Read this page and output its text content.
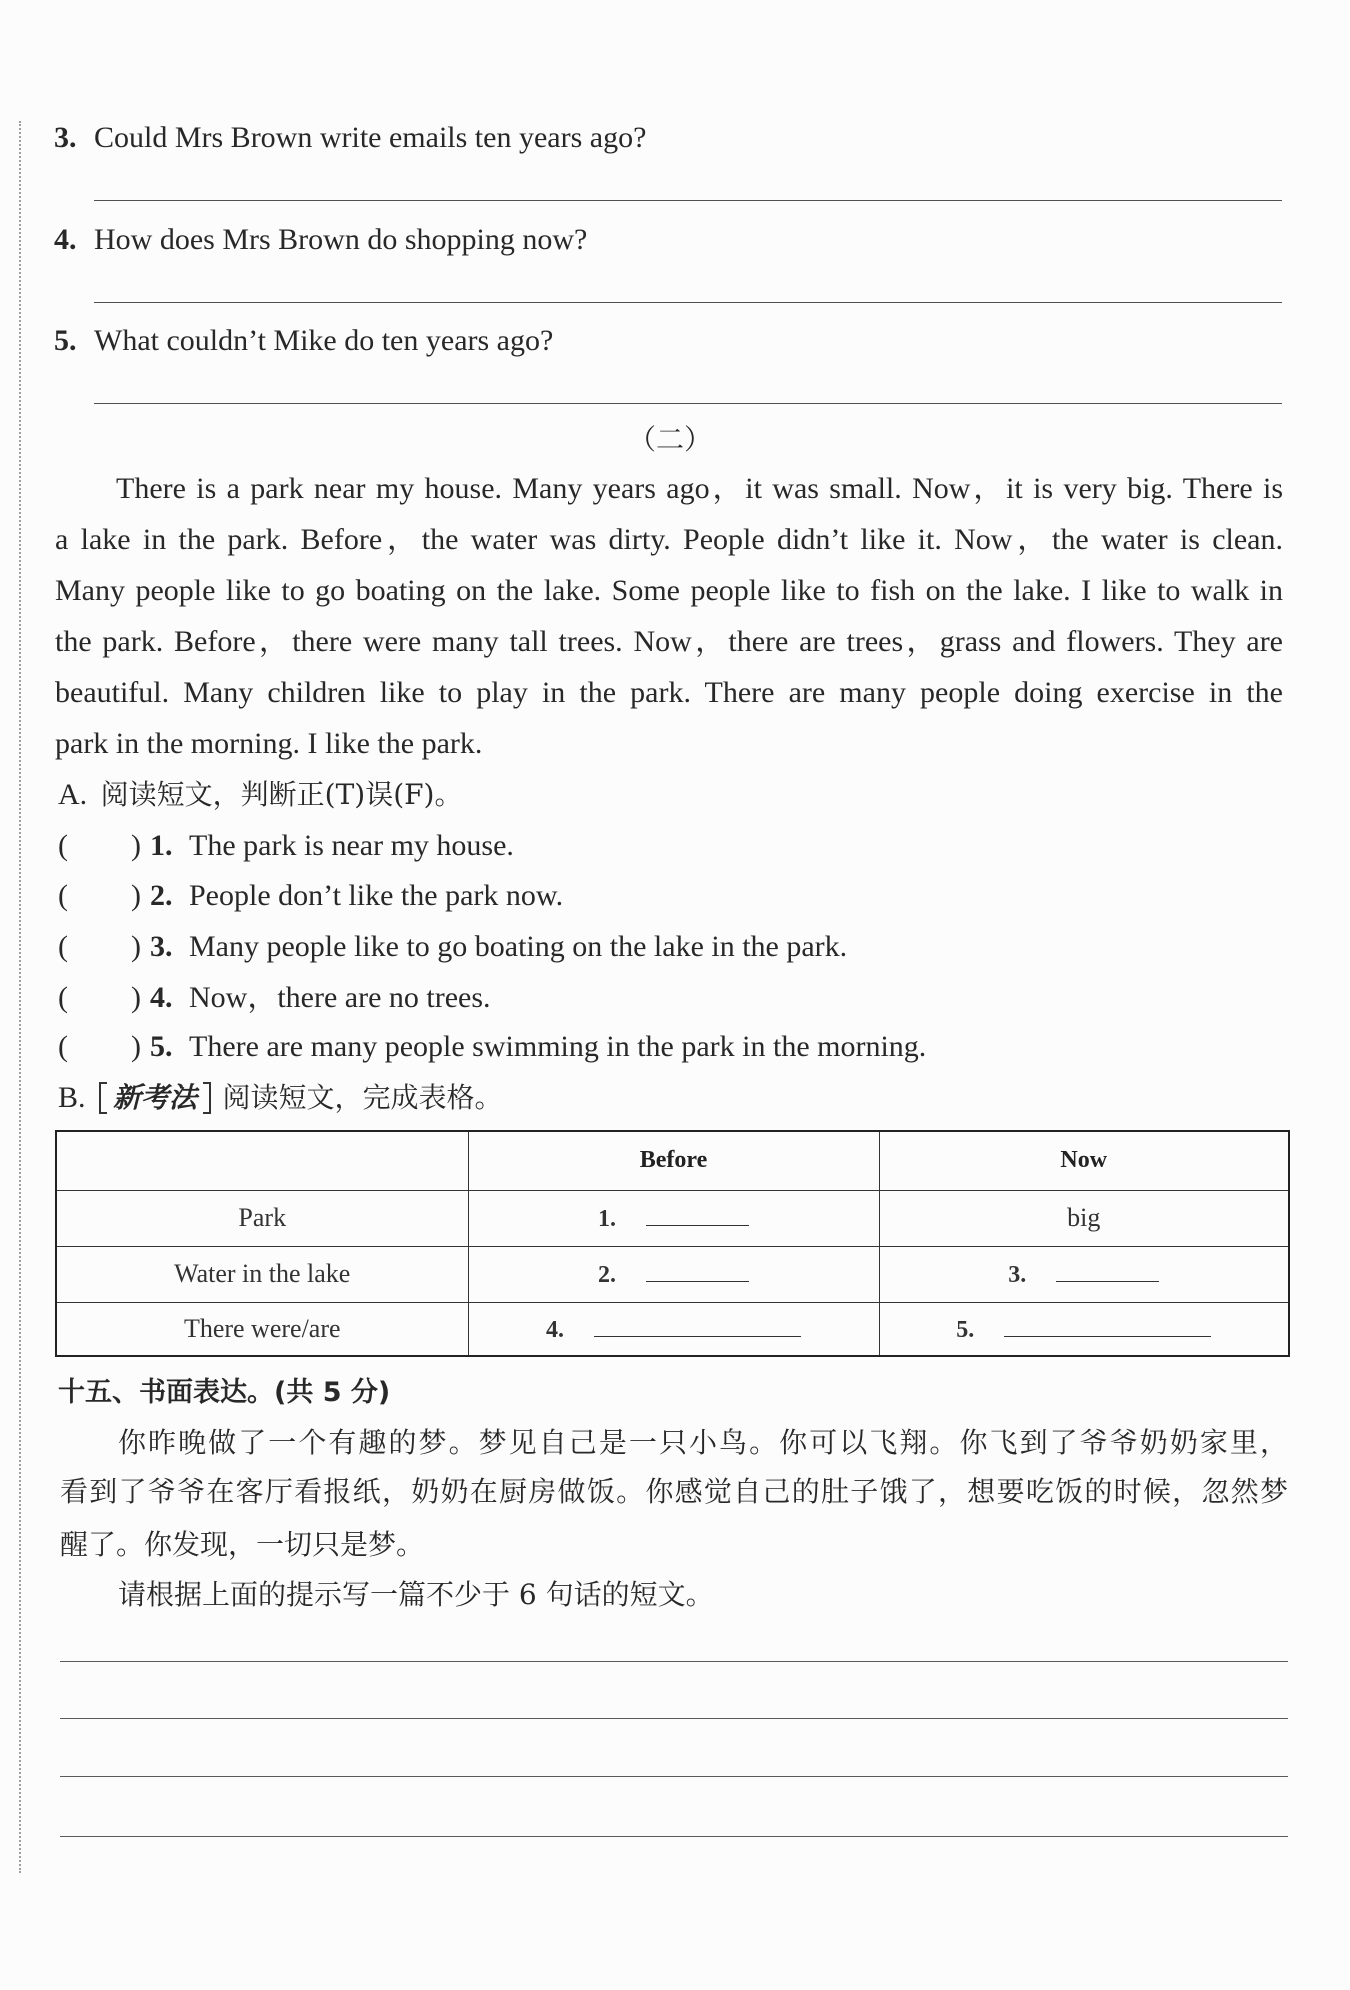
3. Could Mrs Brown write emails ten years ago?
4. How does Mrs Brown do shopping now?
5. What couldn’t Mike do ten years ago?
（二）
There is a park near my house. Many years ago，it was small. Now，it is very big. There is
a lake in the park. Before，the water was dirty. People didn’t like it. Now，the water is clean.
Many people like to go boating on the lake. Some people like to fish on the lake. I like to walk in
the park. Before，there were many tall trees. Now，there are trees，grass and flowers. They are
beautiful. Many children like to play in the park. There are many people doing exercise in the
park in the morning. I like the park.
A. 阅读短文，判断正(T)误(F)。
( ) 1. The park is near my house.
( ) 2. People don’t like the park now.
( ) 3. Many people like to go boating on the lake in the park.
( ) 4. Now，there are no trees.
( ) 5. There are many people swimming in the park in the morning.
B. 新考法 阅读短文，完成表格。
	Before	Now
Park	1.	big
Water in the lake	2.	3.
There were/are	4.	5.
十五、书面表达。(共 5 分)
你昨晚做了一个有趣的梦。梦见自己是一只小鸟。你可以飞翔。你飞到了爷爷奶奶家里，
看到了爷爷在客厅看报纸，奶奶在厨房做饭。你感觉自己的肚子饿了，想要吃饭的时候，忽然梦
醒了。你发现，一切只是梦。
请根据上面的提示写一篇不少于 6 句话的短文。
